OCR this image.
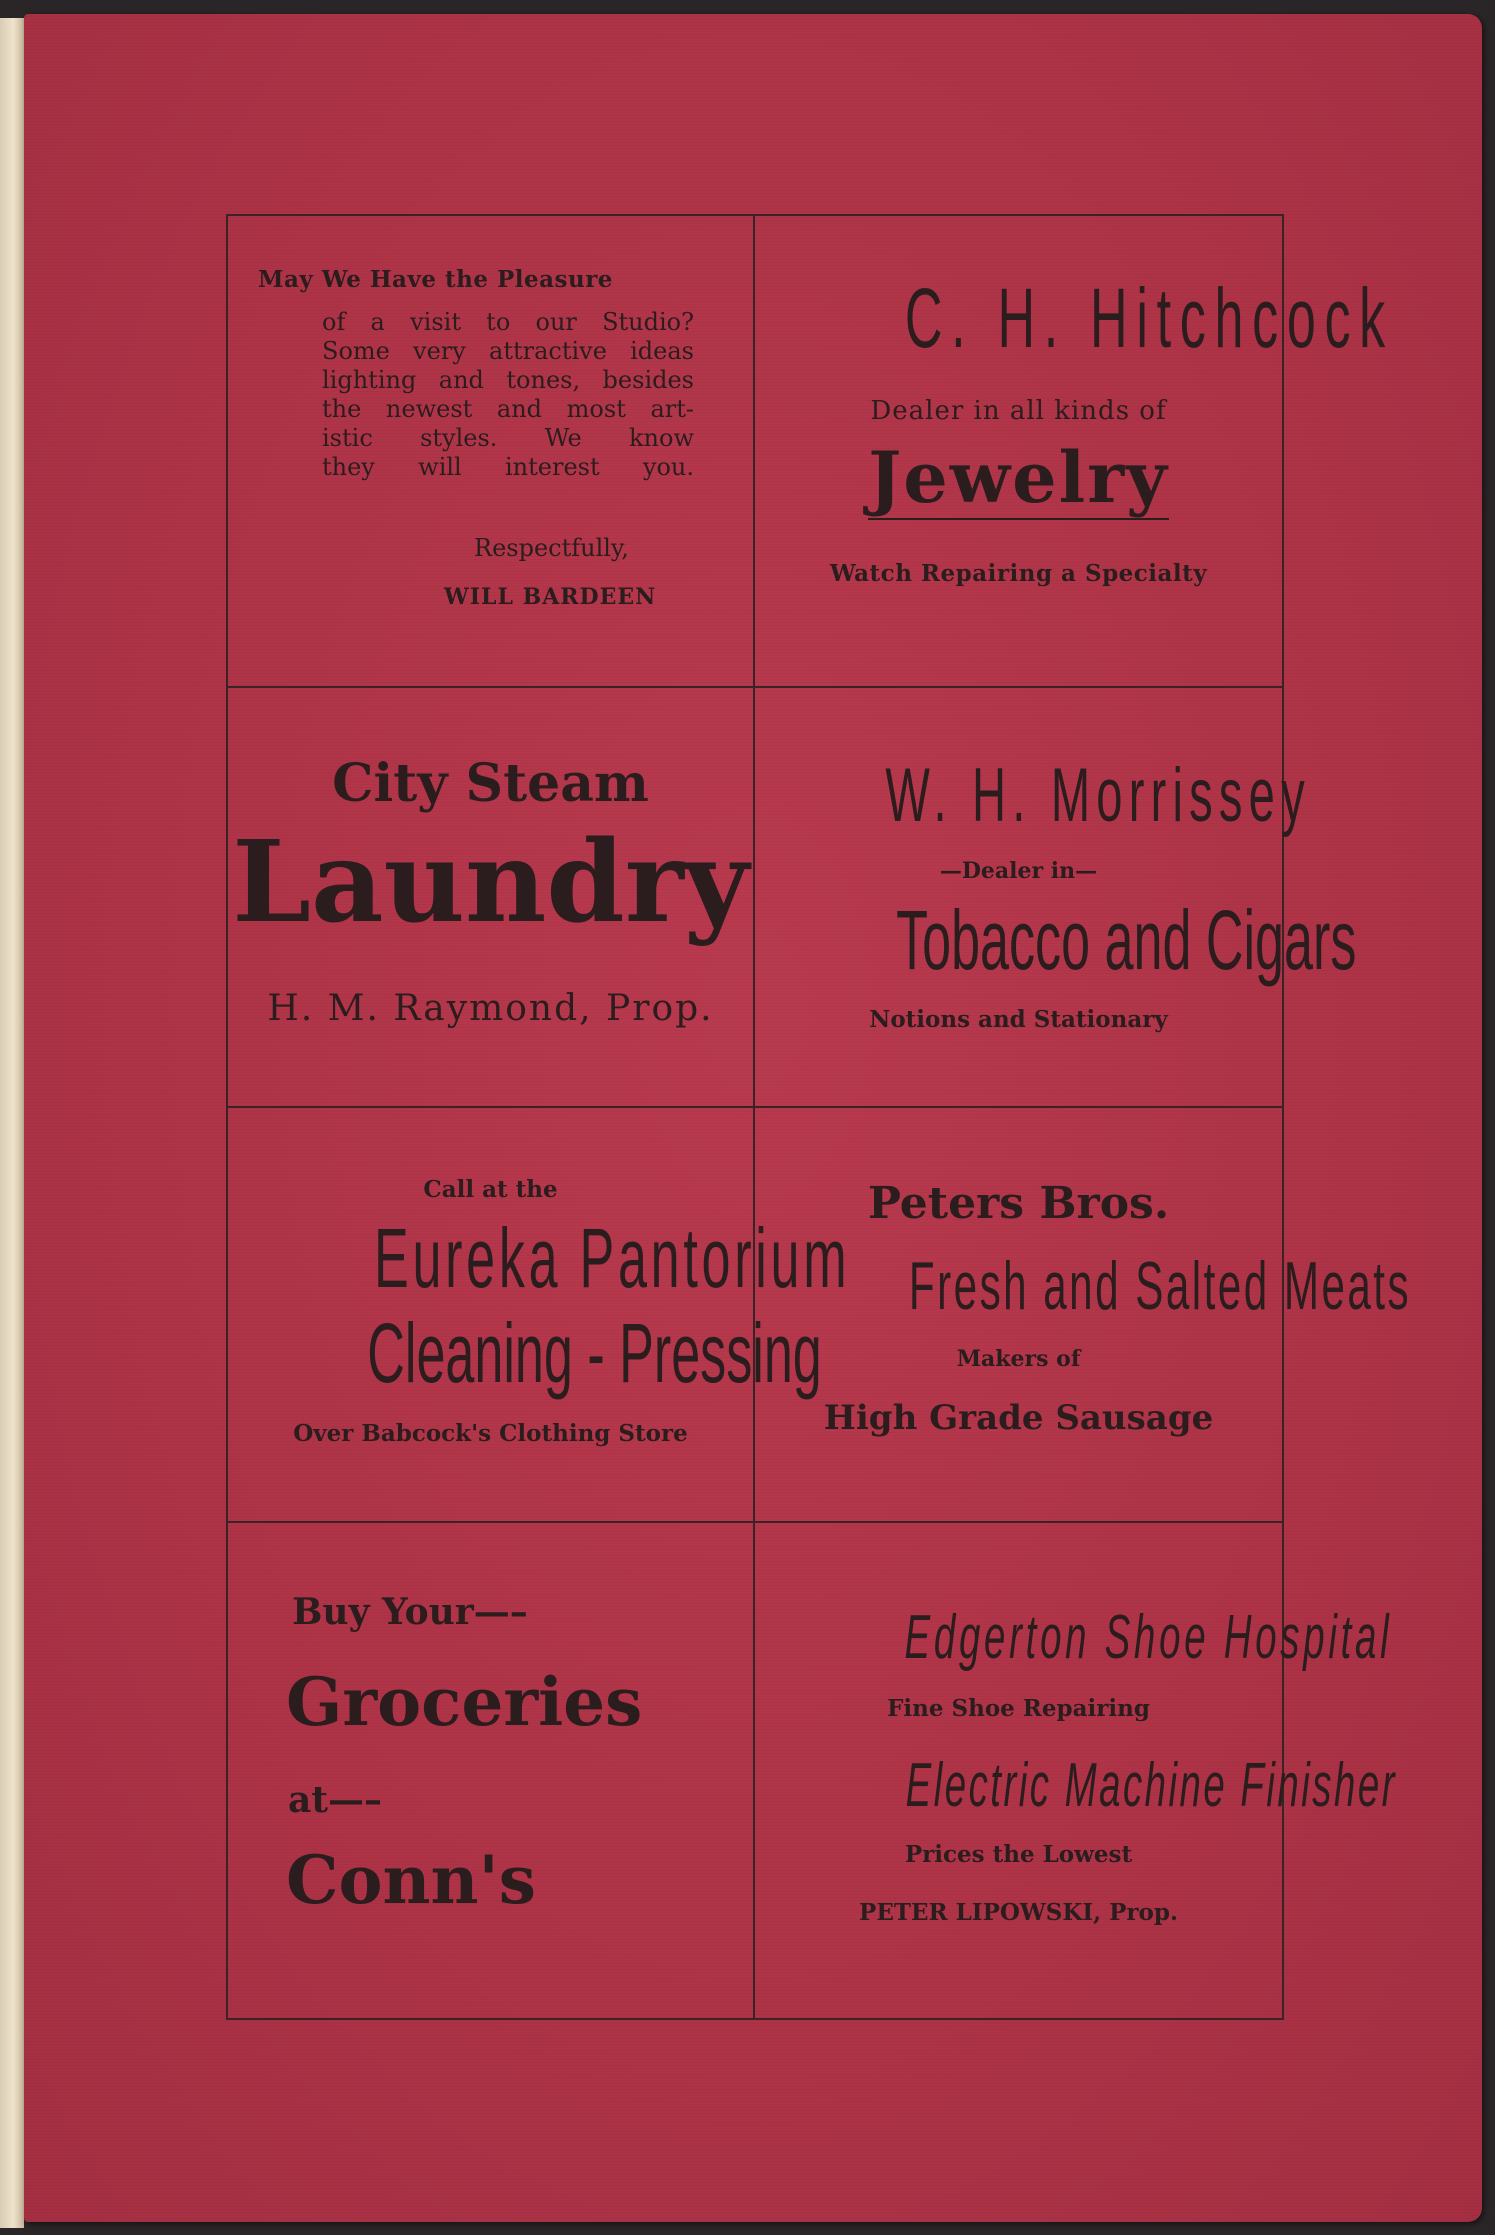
May We Have the Pleasure
of a visit to our Studio?
Some very attractive ideas
lighting and tones, besides
the newest and most art-
istic styles. We know
they will interest you.
Respectfully,
WILL BARDEEN
C. H. Hitchcock
Dealer in all kinds of
Jewelry
Watch Repairing a Specialty
City Steam
Laundry
H. M. Raymond, Prop.
W. H. Morrissey
—Dealer in—
Tobacco and Cigars
Notions and Stationary
Call at the
Eureka Pantorium
Cleaning - Pressing
Over Babcock's Clothing Store
Peters Bros.
Fresh and Salted Meats
Makers of
High Grade Sausage
Buy Your—–
Groceries
at—–
Conn's
Edgerton Shoe Hospital
Fine Shoe Repairing
Electric Machine Finisher
Prices the Lowest
PETER LIPOWSKI, Prop.
